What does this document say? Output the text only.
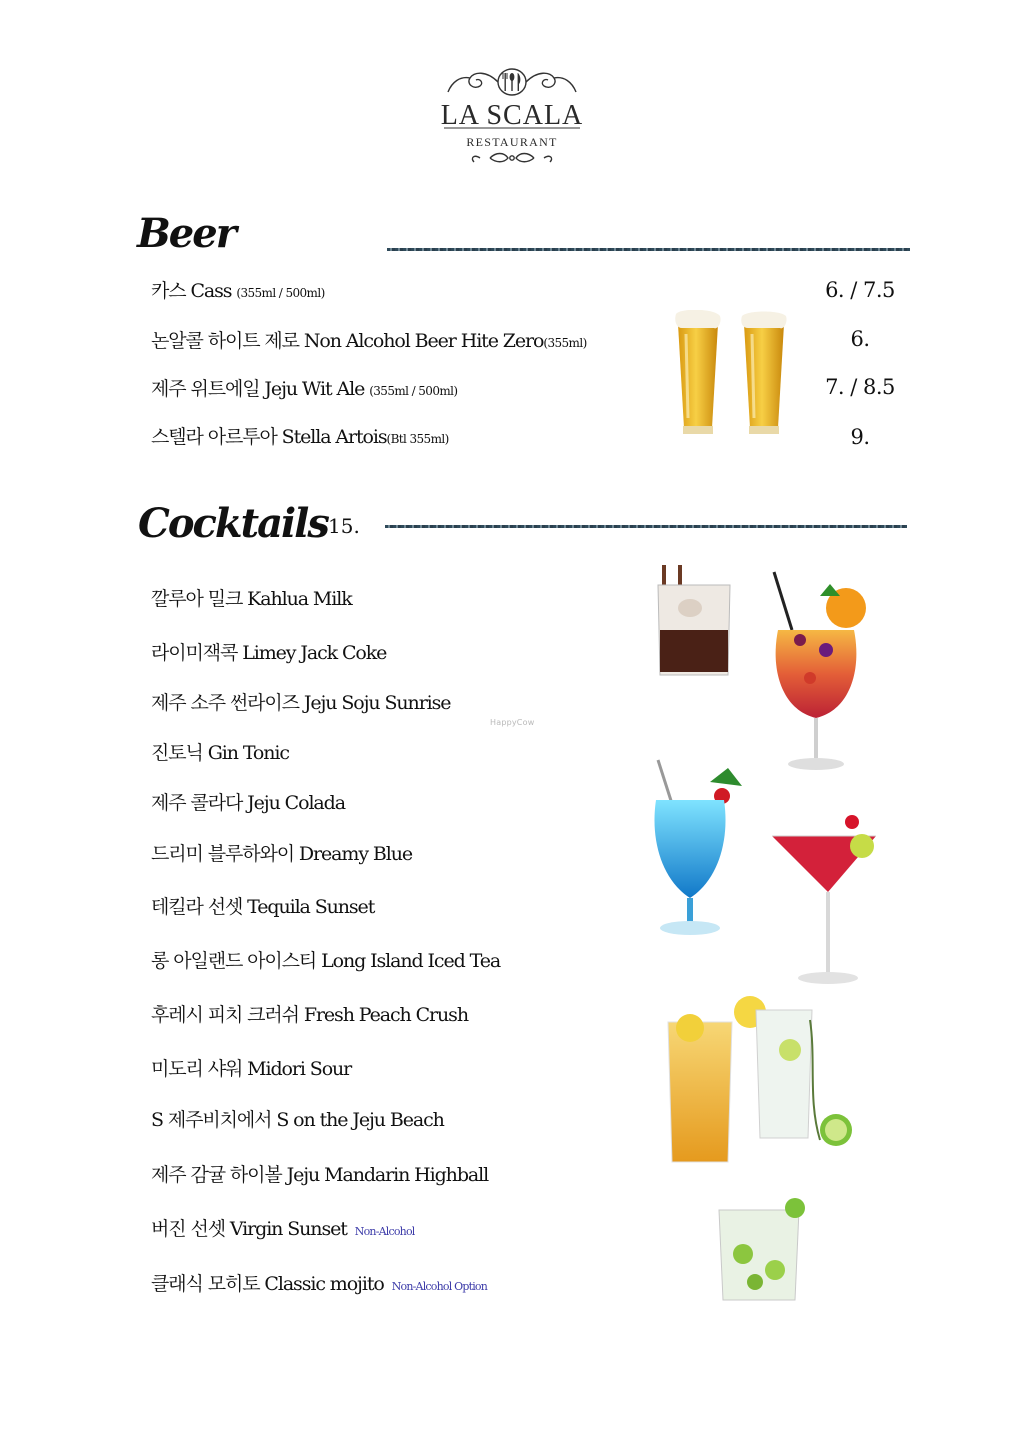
LA SCALA
RESTAURANT
Beer
카스 Cass (355ml / 500ml)
논알콜 하이트 제로 Non Alcohol Beer Hite Zero(355ml)
제주 위트에일 Jeju Wit Ale (355ml / 500ml)
스텔라 아르투아 Stella Artois(Btl 355ml)
6. / 7.5
6.
7. / 8.5
9.
Cocktails 15.
깔루아 밀크 Kahlua Milk
라이미잭콕 Limey Jack Coke
제주 소주 썬라이즈 Jeju Soju Sunrise
진토닉 Gin Tonic
제주 콜라다 Jeju Colada
드리미 블루하와이 Dreamy Blue
테킬라 선셋 Tequila Sunset
롱 아일랜드 아이스티 Long Island Iced Tea
후레시 피치 크러쉬 Fresh Peach Crush
미도리 샤워 Midori Sour
S 제주비치에서 S on the Jeju Beach
제주 감귤 하이볼 Jeju Mandarin Highball
버진 선셋 Virgin Sunset Non-Alcohol
클래식 모히토 Classic mojito Non-Alcohol Option
HappyCow
